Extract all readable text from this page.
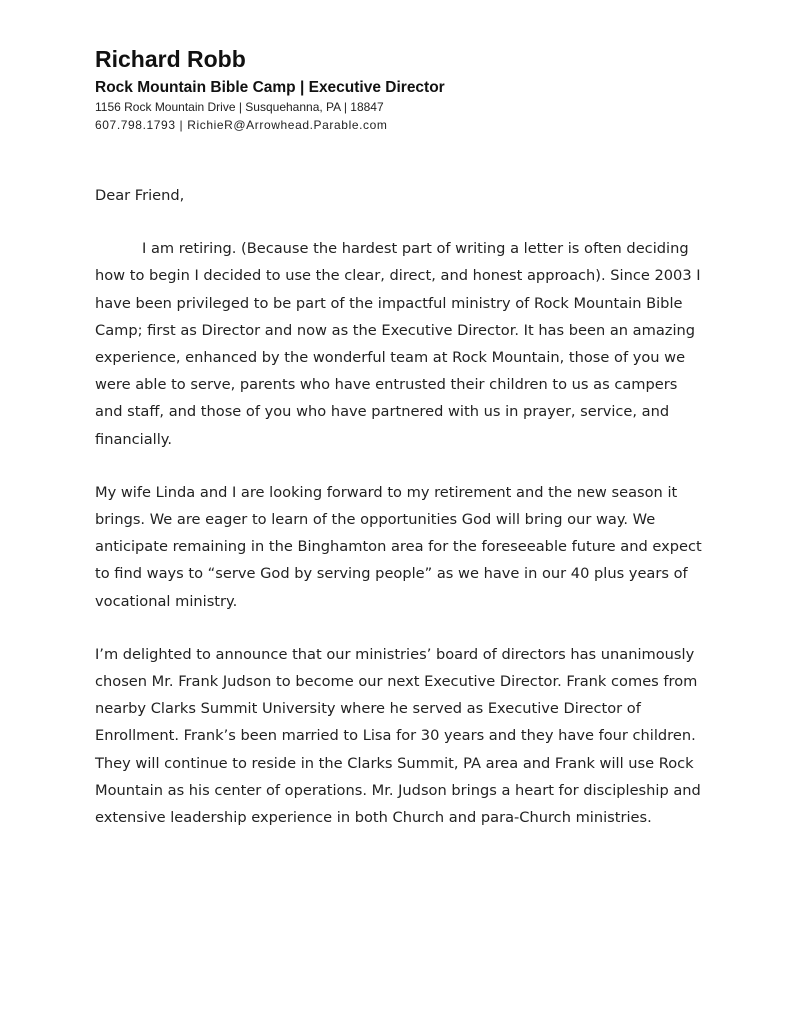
Richard Robb

Rock Mountain Bible Camp | Executive Director

1156 Rock Mountain Drive | Susquehanna, PA | 18847

607.798.1793 | RichieR@Arrowhead.Parable.com

Dear Friend,

I am retiring. (Because the hardest part of writing a letter is often deciding how to begin I decided to use the clear, direct, and honest approach). Since 2003 I have been privileged to be part of the impactful ministry of Rock Mountain Bible Camp; first as Director and now as the Executive Director. It has been an amazing experience, enhanced by the wonderful team at Rock Mountain, those of you we were able to serve, parents who have entrusted their children to us as campers and staff, and those of you who have partnered with us in prayer, service, and financially.

My wife Linda and I are looking forward to my retirement and the new season it brings. We are eager to learn of the opportunities God will bring our way. We anticipate remaining in the Binghamton area for the foreseeable future and expect to find ways to “serve God by serving people” as we have in our 40 plus years of vocational ministry.

I’m delighted to announce that our ministries’ board of directors has unanimously chosen Mr. Frank Judson to become our next Executive Director. Frank comes from nearby Clarks Summit University where he served as Executive Director of Enrollment. Frank’s been married to Lisa for 30 years and they have four children. They will continue to reside in the Clarks Summit, PA area and Frank will use Rock Mountain as his center of operations. Mr. Judson brings a heart for discipleship and extensive leadership experience in both Church and para-Church ministries.
